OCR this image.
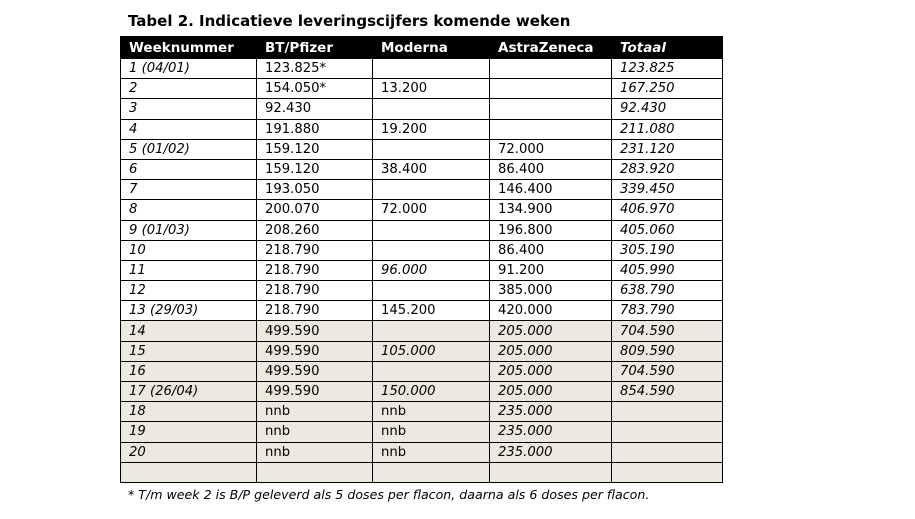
Tabel 2. Indicatieve leveringscijfers komende weken
Weeknummer	BT/Pfizer	Moderna	AstraZeneca	Totaal
1 (04/01)	123.825*			123.825
2	154.050*	13.200		167.250
3	92.430			92.430
4	191.880	19.200		211.080
5 (01/02)	159.120		72.000	231.120
6	159.120	38.400	86.400	283.920
7	193.050		146.400	339.450
8	200.070	72.000	134.900	406.970
9 (01/03)	208.260		196.800	405.060
10	218.790		86.400	305.190
11	218.790	96.000	91.200	405.990
12	218.790		385.000	638.790
13 (29/03)	218.790	145.200	420.000	783.790
14	499.590		205.000	704.590
15	499.590	105.000	205.000	809.590
16	499.590		205.000	704.590
17 (26/04)	499.590	150.000	205.000	854.590
18	nnb	nnb	235.000	
19	nnb	nnb	235.000	
20	nnb	nnb	235.000	

* T/m week 2 is B/P geleverd als 5 doses per flacon, daarna als 6 doses per flacon.
